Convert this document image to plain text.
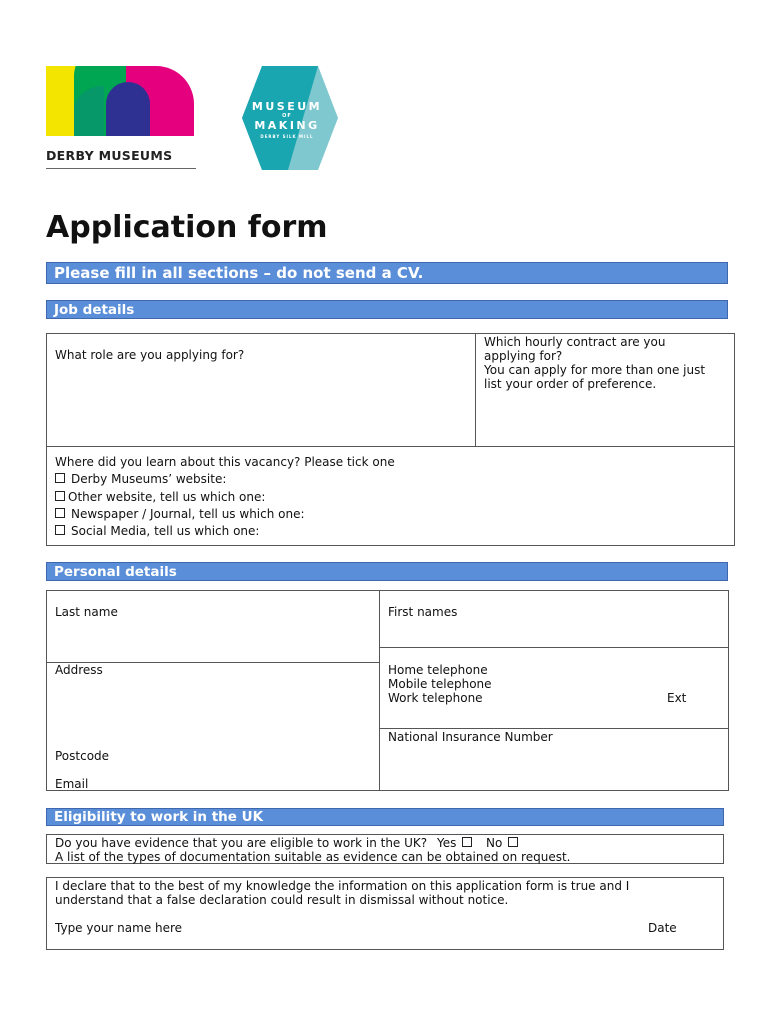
DERBY MUSEUMS
MUSEUM
OF
MAKING
DERBY SILK MILL
Application form
Please fill in all sections – do not send a CV.
Job details
What role are you applying for?
Which hourly contract are you
applying for?
You can apply for more than one just
list your order of preference.
Where did you learn about this vacancy? Please tick one
Derby Museums’ website:
Other website, tell us which one:
Newspaper / Journal, tell us which one:
Social Media, tell us which one:
Personal details
Last name	First names
Address
Postcode
Email
Home telephone
Mobile telephone
Work telephone	Ext
National Insurance Number
Eligibility to work in the UK
Do you have evidence that you are eligible to work in the UK? Yes No
A list of the types of documentation suitable as evidence can be obtained on request.
I declare that to the best of my knowledge the information on this application form is true and I
understand that a false declaration could result in dismissal without notice.
Type your name here	Date
